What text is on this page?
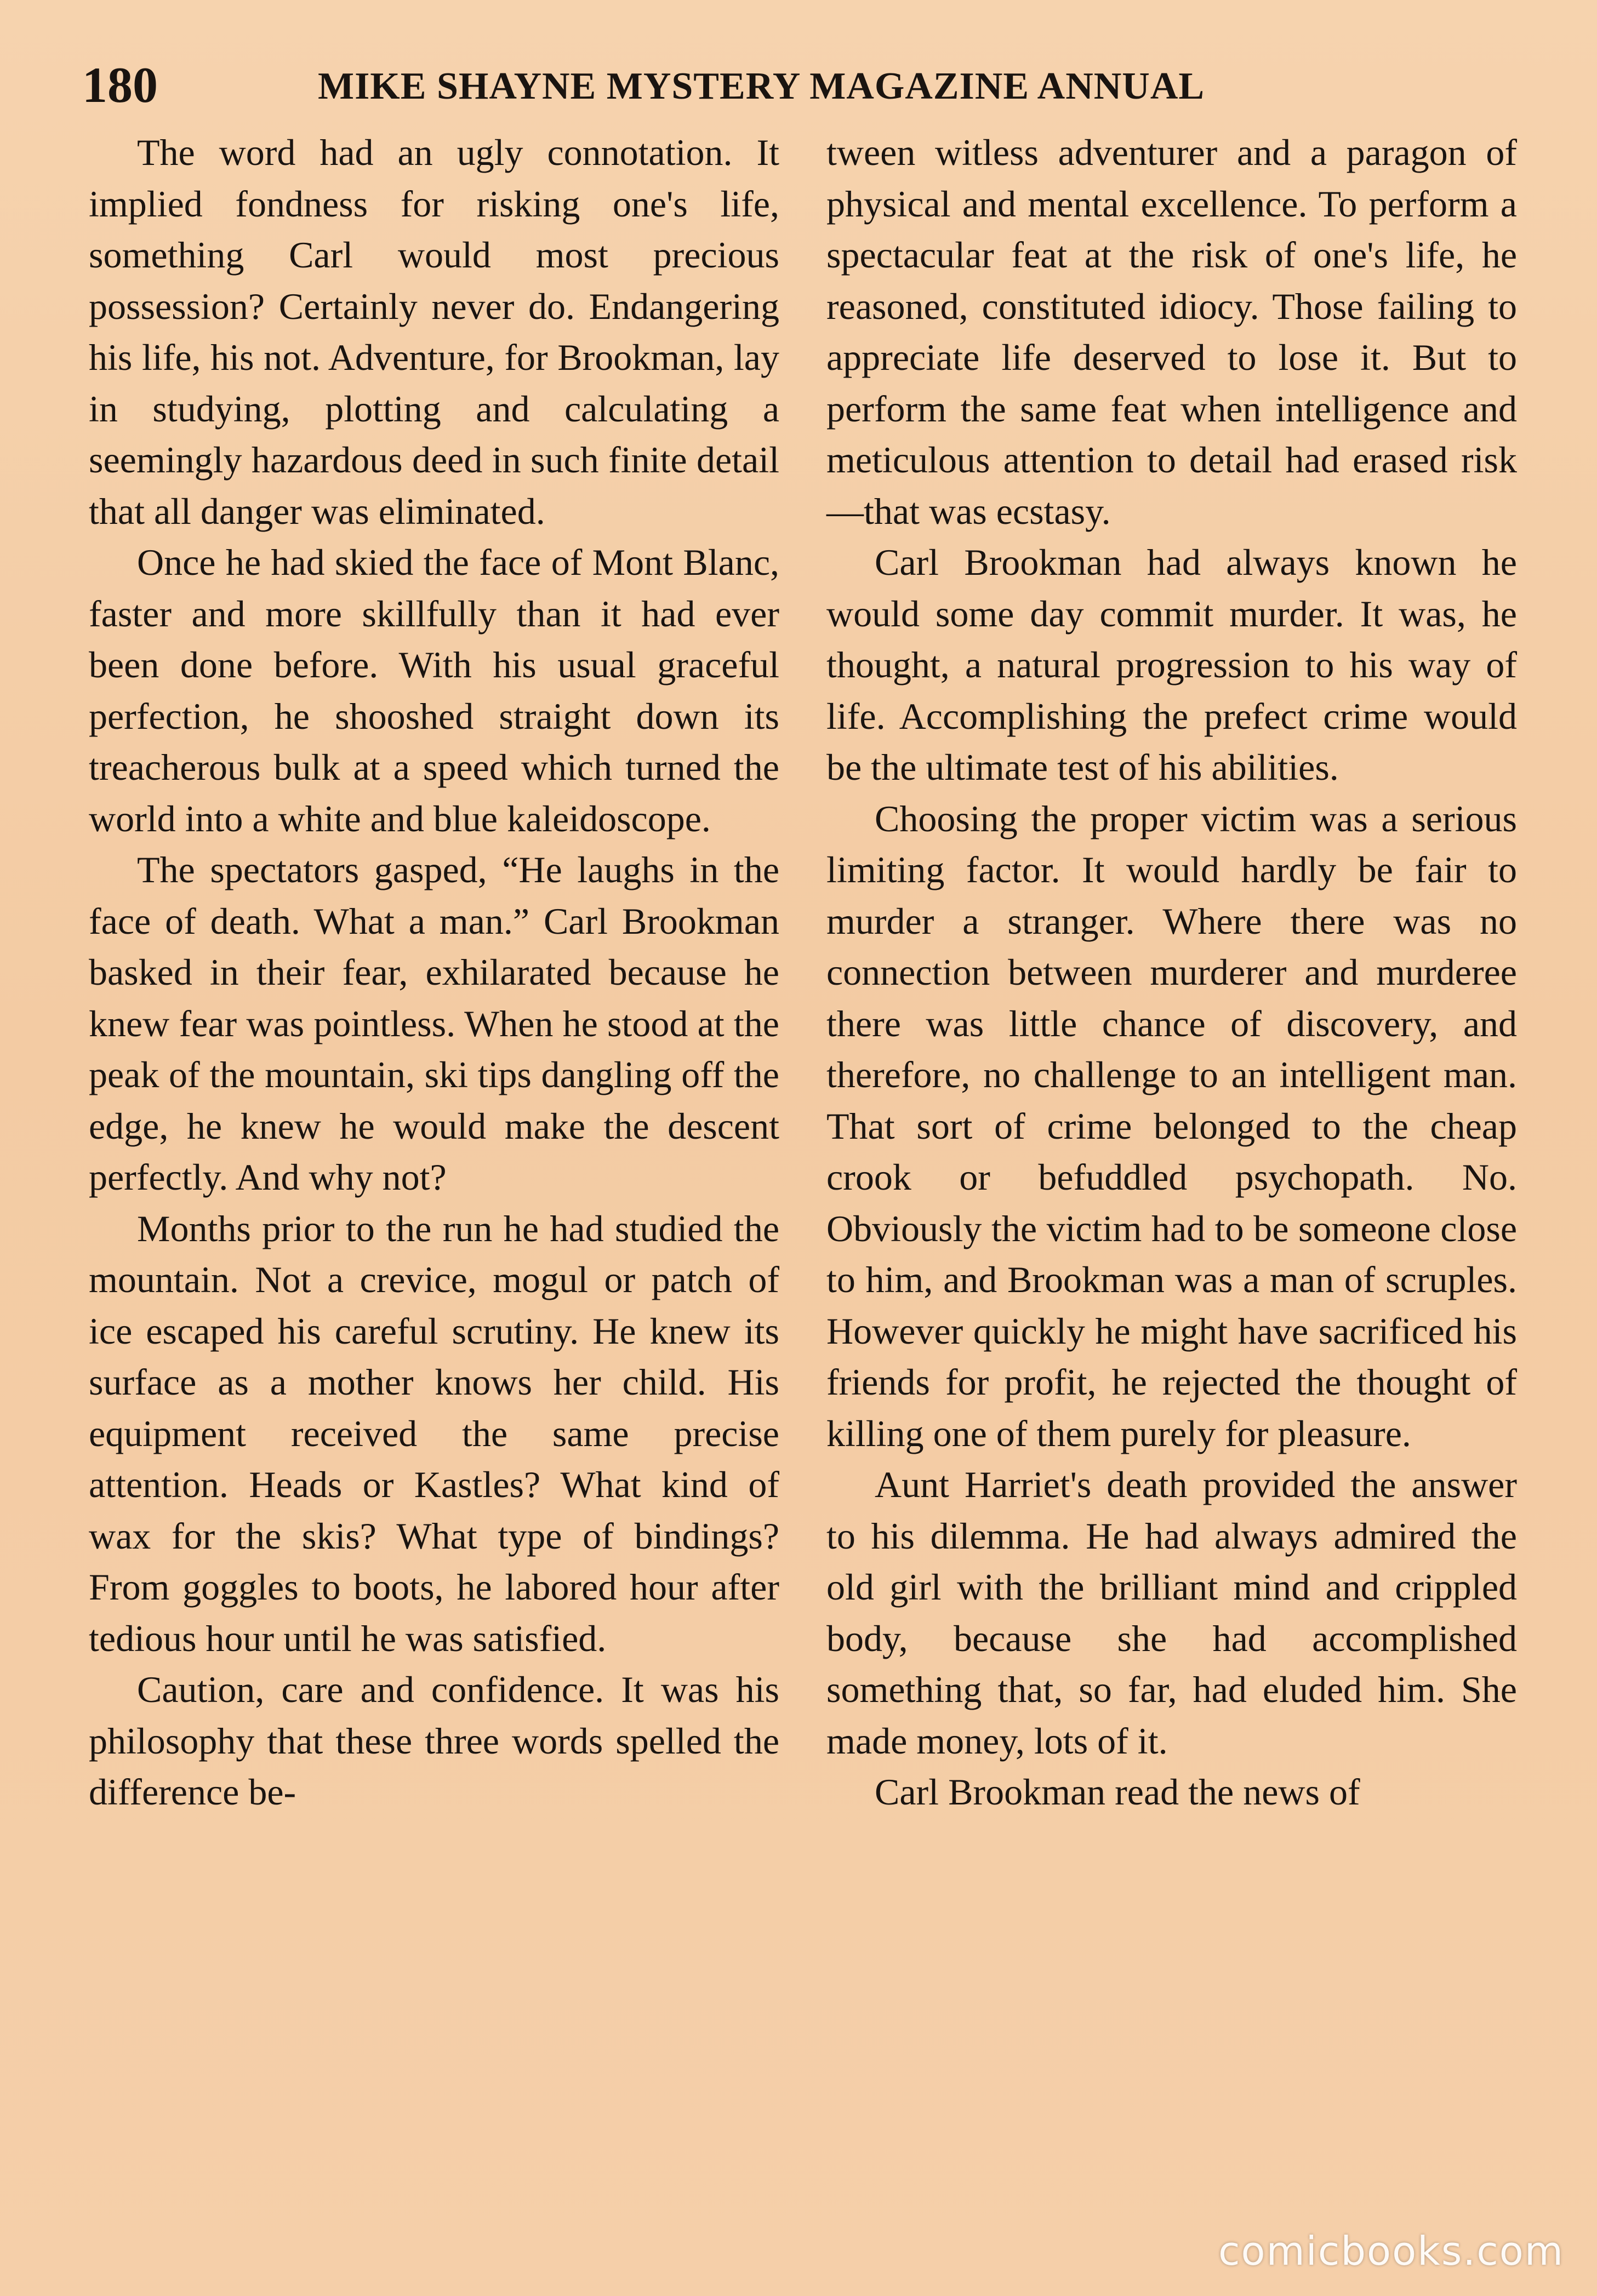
180	MIKE SHAYNE MYSTERY MAGAZINE ANNUAL

The word had an ugly connotation. It implied fondness for risking one's life, something Carl would most precious possession? Certainly never do. Endangering his life, his not. Adventure, for Brookman, lay in studying, plotting and calculating a seemingly hazardous deed in such finite detail that all danger was eliminated.

Once he had skied the face of Mont Blanc, faster and more skillfully than it had ever been done before. With his usual graceful perfection, he shooshed straight down its treacherous bulk at a speed which turned the world into a white and blue kaleidoscope.

The spectators gasped, “He laughs in the face of death. What a man.” Carl Brookman basked in their fear, exhilarated because he knew fear was pointless. When he stood at the peak of the mountain, ski tips dangling off the edge, he knew he would make the descent perfectly. And why not?

Months prior to the run he had studied the mountain. Not a crevice, mogul or patch of ice escaped his careful scrutiny. He knew its surface as a mother knows her child. His equipment received the same precise attention. Heads or Kastles? What kind of wax for the skis? What type of bindings? From goggles to boots, he labored hour after tedious hour until he was satisfied.

Caution, care and confidence. It was his philosophy that these three words spelled the difference be-

tween witless adventurer and a paragon of physical and mental excellence. To perform a spectacular feat at the risk of one's life, he reasoned, constituted idiocy. Those failing to appreciate life deserved to lose it. But to perform the same feat when intelligence and meticulous attention to detail had erased risk—that was ecstasy.

Carl Brookman had always known he would some day commit murder. It was, he thought, a natural progression to his way of life. Accomplishing the prefect crime would be the ultimate test of his abilities.

Choosing the proper victim was a serious limiting factor. It would hardly be fair to murder a stranger. Where there was no connection between murderer and murderee there was little chance of discovery, and therefore, no challenge to an intelligent man. That sort of crime belonged to the cheap crook or befuddled psychopath. No. Obviously the victim had to be someone close to him, and Brookman was a man of scruples. However quickly he might have sacrificed his friends for profit, he rejected the thought of killing one of them purely for pleasure.

Aunt Harriet's death provided the answer to his dilemma. He had always admired the old girl with the brilliant mind and crippled body, because she had accomplished something that, so far, had eluded him. She made money, lots of it.

Carl Brookman read the news of

comicbooks.com
